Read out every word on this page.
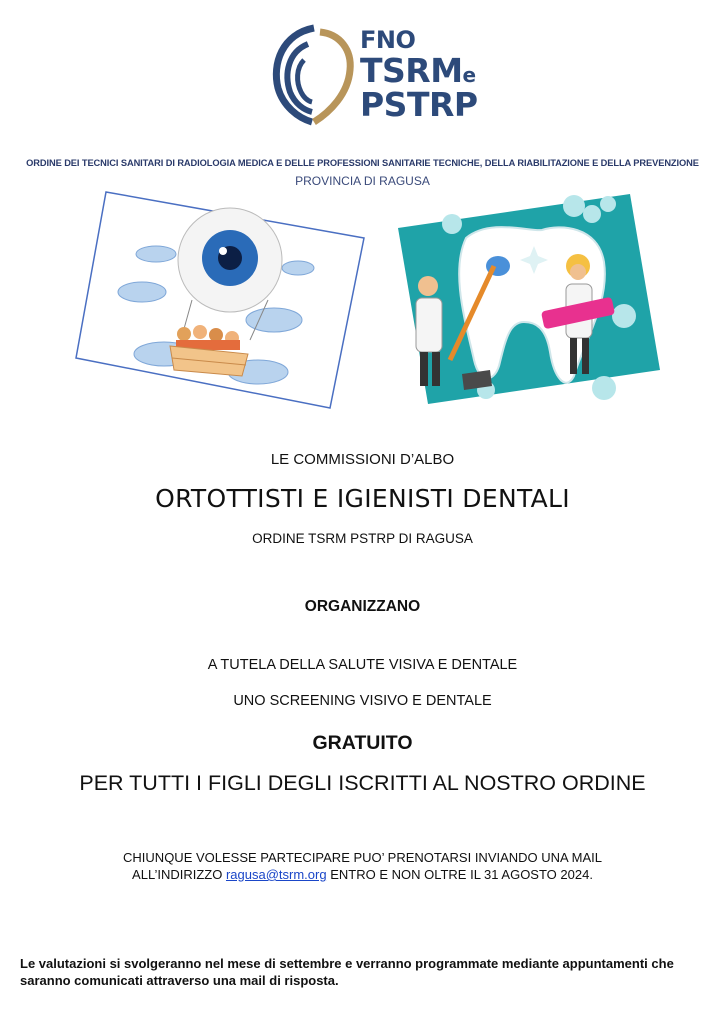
FNO
TSRMe
PSTRP
ORDINE DEI TECNICI SANITARI DI RADIOLOGIA MEDICA E DELLE PROFESSIONI SANITARIE TECNICHE, DELLA RIABILITAZIONE E DELLA PREVENZIONE
PROVINCIA DI RAGUSA
LE COMMISSIONI D’ALBO
ORTOTTISTI E IGIENISTI DENTALI
ORDINE TSRM PSTRP DI RAGUSA
ORGANIZZANO
A TUTELA DELLA SALUTE VISIVA E DENTALE
UNO SCREENING VISIVO E DENTALE
GRATUITO
PER TUTTI I FIGLI DEGLI ISCRITTI AL NOSTRO ORDINE
CHIUNQUE VOLESSE PARTECIPARE PUO’ PRENOTARSI INVIANDO UNA MAIL
ALL’INDIRIZZO ragusa@tsrm.org ENTRO E NON OLTRE IL 31 AGOSTO 2024.
Le valutazioni si svolgeranno nel mese di settembre e verranno programmate mediante appuntamenti che saranno comunicati attraverso una mail di risposta.
